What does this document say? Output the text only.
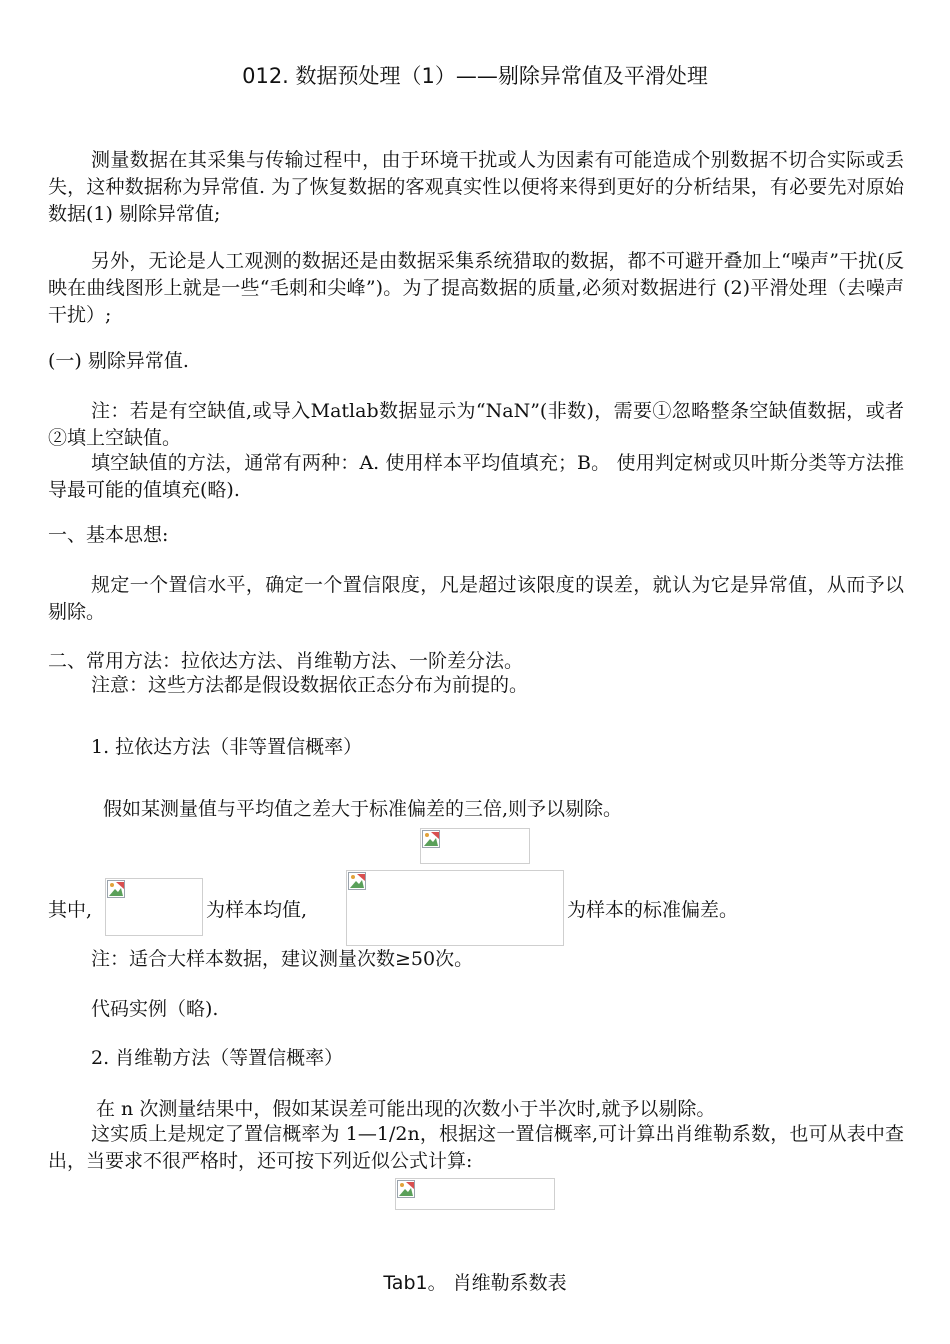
012. 数据预处理（1）——剔除异常值及平滑处理

测量数据在其采集与传输过程中，由于环境干扰或人为因素有可能造成个别数据不切合实际或丢失，这种数据称为异常值. 为了恢复数据的客观真实性以便将来得到更好的分析结果，有必要先对原始数据(1) 剔除异常值;

另外，无论是人工观测的数据还是由数据采集系统猎取的数据，都不可避开叠加上“噪声”干扰(反映在曲线图形上就是一些“毛刺和尖峰”)。为了提高数据的质量,必须对数据进行 (2)平滑处理（去噪声干扰）;

(一) 剔除异常值.

注：若是有空缺值,或导入Matlab数据显示为“NaN”(非数)，需要①忽略整条空缺值数据，或者②填上空缺值。

填空缺值的方法，通常有两种：A. 使用样本平均值填充；B。 使用判定树或贝叶斯分类等方法推导最可能的值填充(略).

一、基本思想:

规定一个置信水平，确定一个置信限度，凡是超过该限度的误差，就认为它是异常值，从而予以剔除。

二、常用方法：拉依达方法、肖维勒方法、一阶差分法。

注意：这些方法都是假设数据依正态分布为前提的。

1. 拉依达方法（非等置信概率）

假如某测量值与平均值之差大于标准偏差的三倍,则予以剔除。

其中,	为样本均值,	为样本的标准偏差。

注：适合大样本数据，建议测量次数≥50次。

代码实例（略).

2. 肖维勒方法（等置信概率）

在 n 次测量结果中，假如某误差可能出现的次数小于半次时,就予以剔除。

这实质上是规定了置信概率为 1—1/2n，根据这一置信概率,可计算出肖维勒系数，也可从表中查出，当要求不很严格时，还可按下列近似公式计算:

Tab1。 肖维勒系数表
